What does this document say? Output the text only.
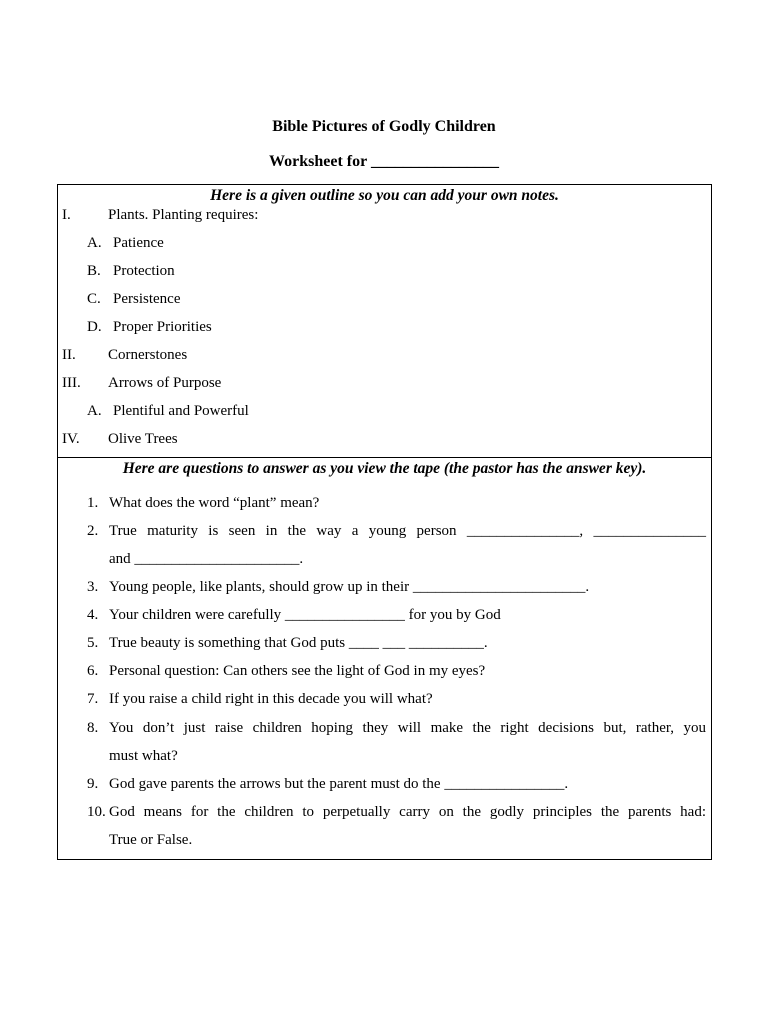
Bible Pictures of Godly Children
Worksheet for ________________
Here is a given outline so you can add your own notes.
I. Plants. Planting requires:
A. Patience
B. Protection
C. Persistence
D. Proper Priorities
II. Cornerstones
III. Arrows of Purpose
A. Plentiful and Powerful
IV. Olive Trees
Here are questions to answer as you view the tape (the pastor has the answer key).
1. What does the word “plant” mean?
2. True maturity is seen in the way a young person _______________, _______________
and ______________________.
3. Young people, like plants, should grow up in their _______________________.
4. Your children were carefully ________________ for you by God
5. True beauty is something that God puts ____ ___ __________.
6. Personal question: Can others see the light of God in my eyes?
7. If you raise a child right in this decade you will what?
8. You don’t just raise children hoping they will make the right decisions but, rather, you
must what?
9. God gave parents the arrows but the parent must do the ________________.
10. God means for the children to perpetually carry on the godly principles the parents had:
True or False.
